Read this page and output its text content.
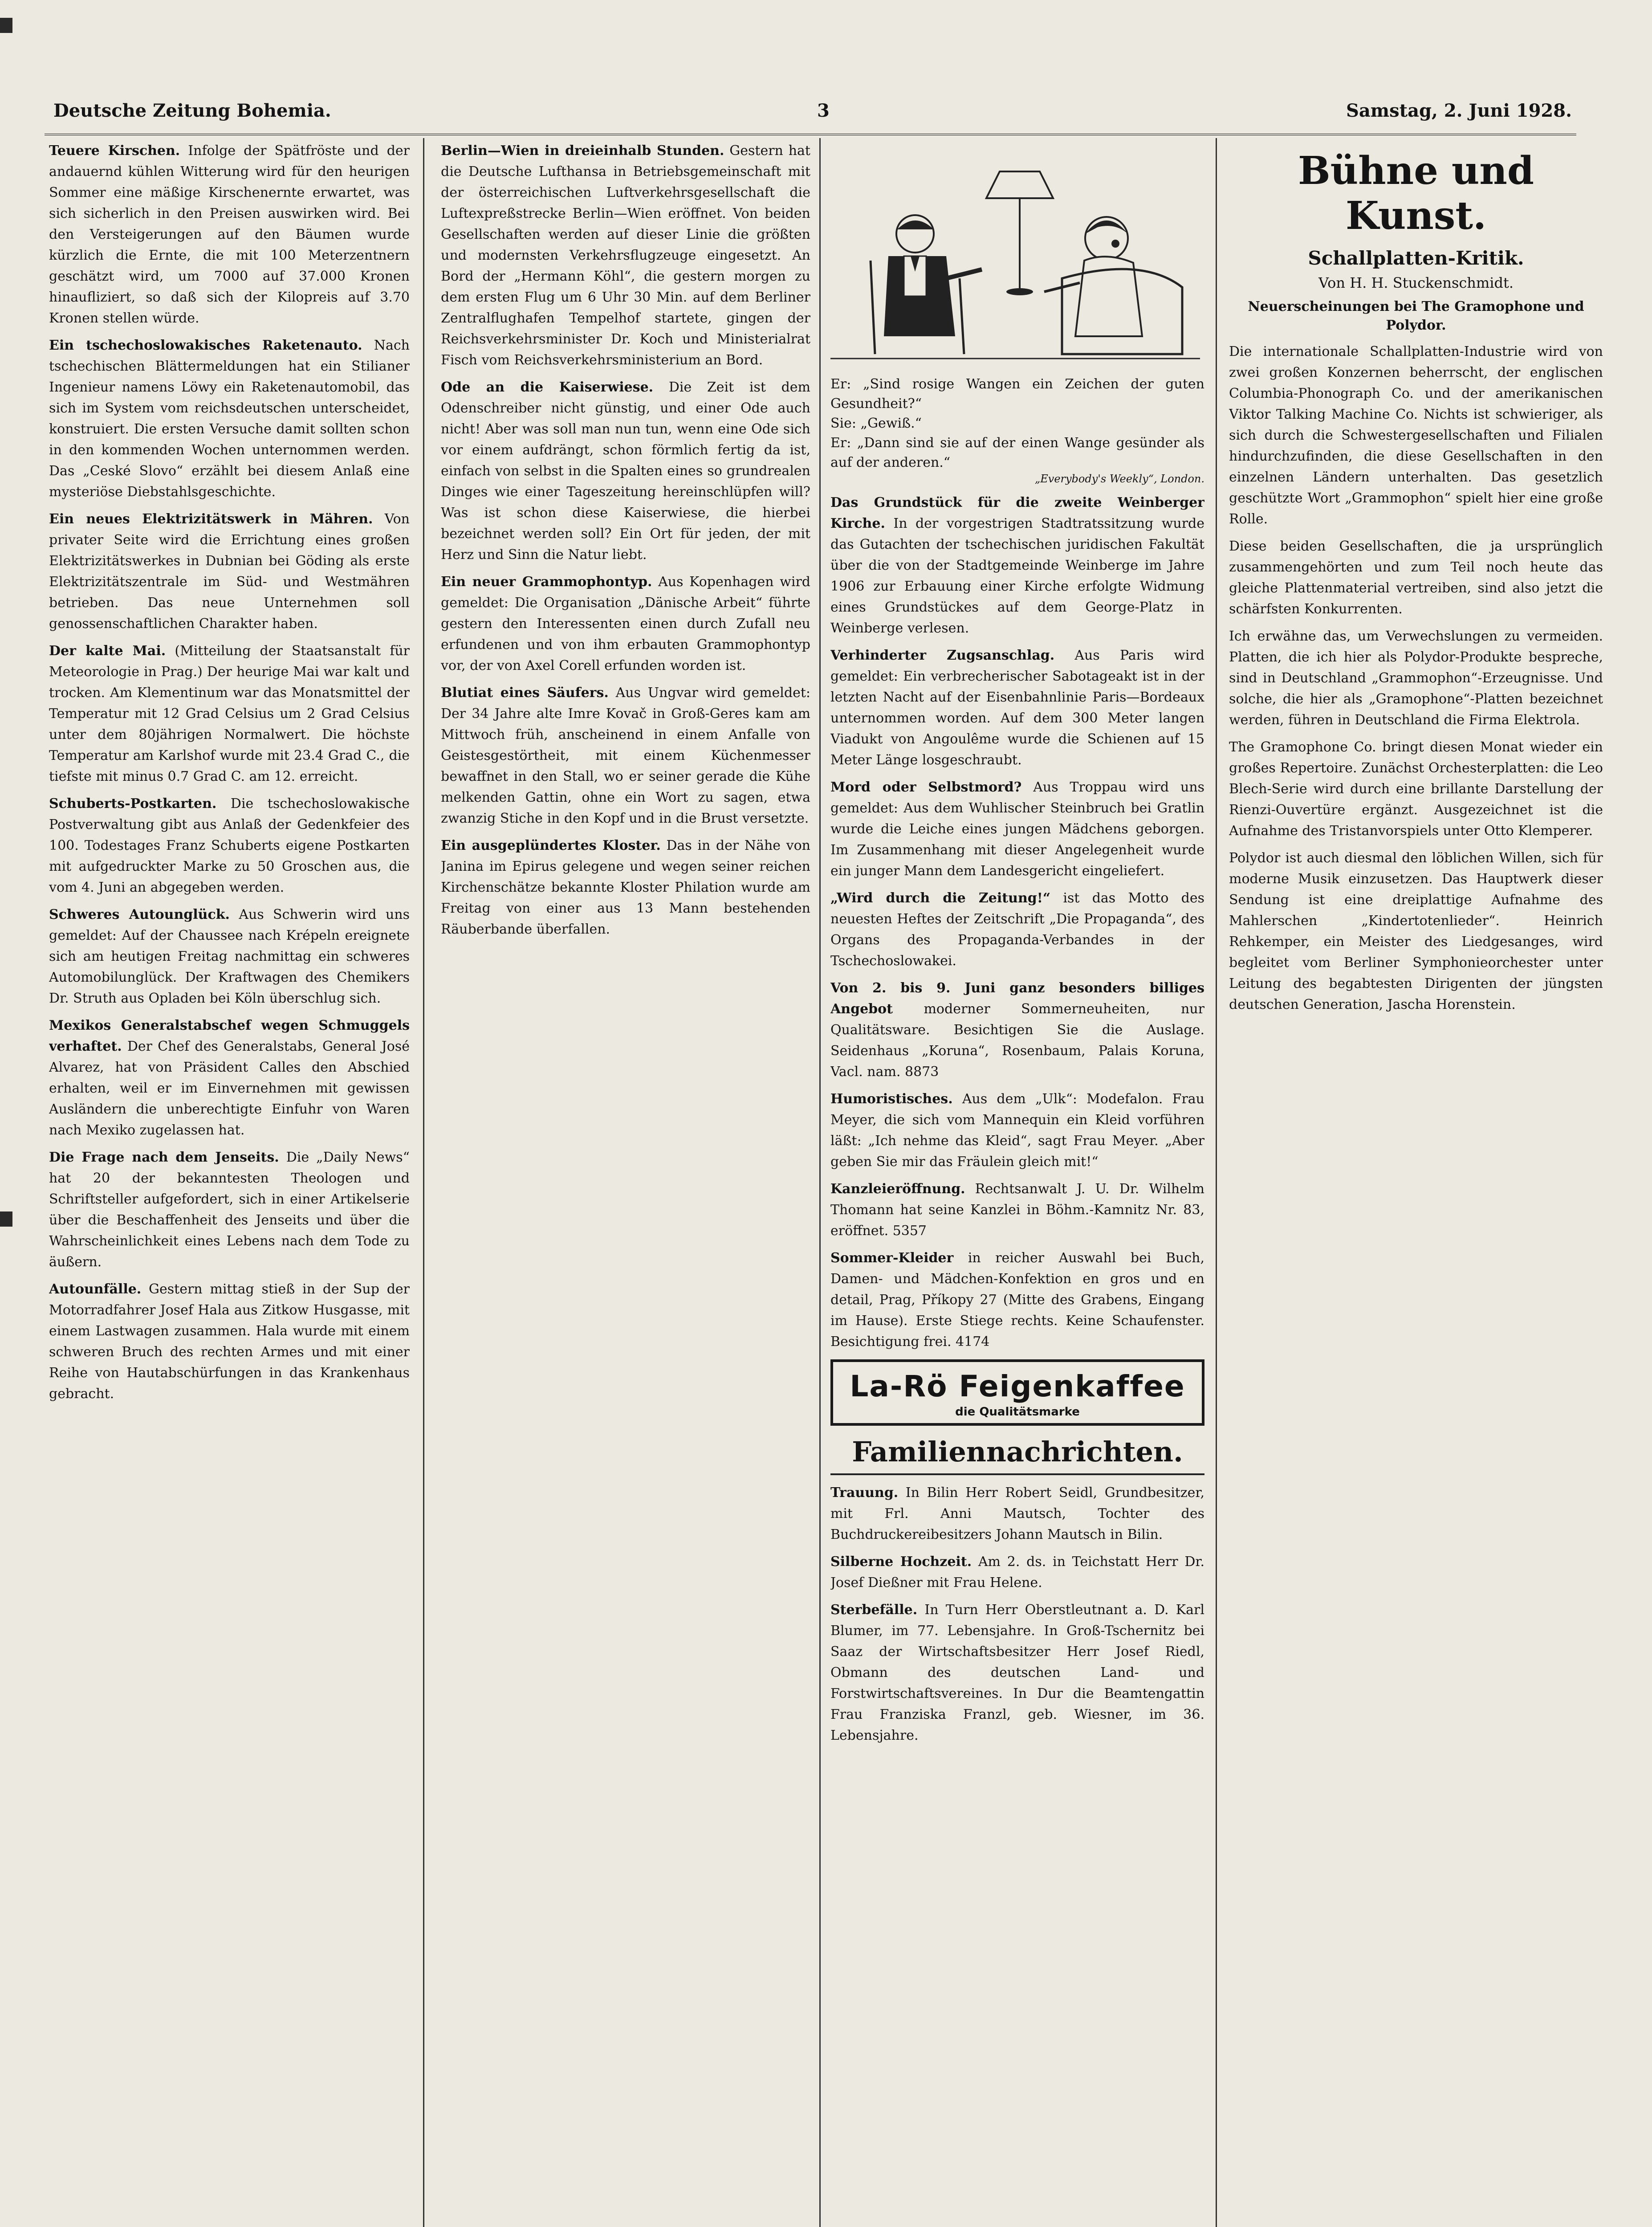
Deutsche Zeitung Bohemia.	3	Samstag, 2. Juni 1928.

Teuere Kirschen. Infolge der Spätfröste und der andauernd kühlen Witterung wird für den heurigen Sommer eine mäßige Kirschenernte erwartet, was sich sicherlich in den Preisen auswirken wird. Bei den Versteigerungen auf den Bäumen wurde kürzlich die Ernte, die mit 100 Meterzentnern geschätzt wird, um 7000 auf 37.000 Kronen hinaufliziert, so daß sich der Kilopreis auf 3.70 Kronen stellen würde.

Ein tschechoslowakisches Raketenauto. Nach tschechischen Blättermeldungen hat ein Stilianer Ingenieur namens Löwy ein Raketenautomobil, das sich im System vom reichsdeutschen unterscheidet, konstruiert. Die ersten Versuche damit sollten schon in den kommenden Wochen unternommen werden. Das „Ceské Slovo“ erzählt bei diesem Anlaß eine mysteriöse Diebstahlsgeschichte.

Ein neues Elektrizitätswerk in Mähren. Von privater Seite wird die Errichtung eines großen Elektrizitätswerkes in Dubnian bei Göding als erste Elektrizitätszentrale im Süd- und Westmähren betrieben. Das neue Unternehmen soll genossenschaftlichen Charakter haben.

Der kalte Mai. (Mitteilung der Staatsanstalt für Meteorologie in Prag.) Der heurige Mai war kalt und trocken. Am Klementinum war das Monatsmittel der Temperatur mit 12 Grad Celsius um 2 Grad Celsius unter dem 80jährigen Normalwert. Die höchste Temperatur am Karlshof wurde mit 23.4 Grad C., die tiefste mit minus 0.7 Grad C. am 12. erreicht.

Schuberts-Postkarten. Die tschechoslowakische Postverwaltung gibt aus Anlaß der Gedenkfeier des 100. Todestages Franz Schuberts eigene Postkarten mit aufgedruckter Marke zu 50 Groschen aus, die vom 4. Juni an abgegeben werden.

Schweres Autounglück. Aus Schwerin wird uns gemeldet: Auf der Chaussee nach Krépeln ereignete sich am heutigen Freitag nachmittag ein schweres Automobilunglück. Der Kraftwagen des Chemikers Dr. Struth aus Opladen bei Köln überschlug sich.

Mexikos Generalstabschef wegen Schmuggels verhaftet. Der Chef des Generalstabs, General José Alvarez, hat von Präsident Calles den Abschied erhalten, weil er im Einvernehmen mit gewissen Ausländern die unberechtigte Einfuhr von Waren nach Mexiko zugelassen hat.

Die Frage nach dem Jenseits. Die „Daily News“ hat 20 der bekanntesten Theologen und Schriftsteller aufgefordert, sich in einer Artikelserie über die Beschaffenheit des Jenseits und über die Wahrscheinlichkeit eines Lebens nach dem Tode zu äußern.

Autounfälle. Gestern mittag stieß in der Sup der Motorradfahrer Josef Hala aus Zitkow Husgasse, mit einem Lastwagen zusammen. Hala wurde mit einem schweren Bruch des rechten Armes und mit einer Reihe von Hautabschürfungen in das Krankenhaus gebracht.

Berlin—Wien in dreieinhalb Stunden. Gestern hat die Deutsche Lufthansa in Betriebsgemeinschaft mit der österreichischen Luftverkehrsgesellschaft die Luftexpreßstrecke Berlin—Wien eröffnet. Von beiden Gesellschaften werden auf dieser Linie die größten und modernsten Verkehrsflugzeuge eingesetzt. An Bord der „Hermann Köhl“, die gestern morgen zu dem ersten Flug um 6 Uhr 30 Min. auf dem Berliner Zentralflughafen Tempelhof startete, gingen der Reichsverkehrsminister Dr. Koch und Ministerialrat Fisch vom Reichsverkehrsministerium an Bord.

Ode an die Kaiserwiese. Die Zeit ist dem Odenschreiber nicht günstig, und einer Ode auch nicht! Aber was soll man nun tun, wenn eine Ode sich vor einem aufdrängt, schon förmlich fertig da ist, einfach von selbst in die Spalten eines so grundrealen Dinges wie einer Tageszeitung hereinschlüpfen will? Was ist schon diese Kaiserwiese, die hierbei bezeichnet werden soll? Ein Ort für jeden, der mit Herz und Sinn die Natur liebt.

Ein neuer Grammophontyp. Aus Kopenhagen wird gemeldet: Die Organisation „Dänische Arbeit“ führte gestern den Interessenten einen durch Zufall neu erfundenen und von ihm erbauten Grammophontyp vor, der von Axel Corell erfunden worden ist.

Blutiat eines Säufers. Aus Ungvar wird gemeldet: Der 34 Jahre alte Imre Kovač in Groß-Geres kam am Mittwoch früh, anscheinend in einem Anfalle von Geistesgestörtheit, mit einem Küchenmesser bewaffnet in den Stall, wo er seiner gerade die Kühe melkenden Gattin, ohne ein Wort zu sagen, etwa zwanzig Stiche in den Kopf und in die Brust versetzte.

Ein ausgeplündertes Kloster. Das in der Nähe von Janina im Epirus gelegene und wegen seiner reichen Kirchenschätze bekannte Kloster Philation wurde am Freitag von einer aus 13 Mann bestehenden Räuberbande überfallen.

Er: „Sind rosige Wangen ein Zeichen der guten Gesundheit?“
Sie: „Gewiß.“
Er: „Dann sind sie auf der einen Wange gesünder als auf der anderen.“
„Everybody's Weekly“, London.

Das Grundstück für die zweite Weinberger Kirche. In der vorgestrigen Stadtratssitzung wurde das Gutachten der tschechischen juridischen Fakultät über die von der Stadtgemeinde Weinberge im Jahre 1906 zur Erbauung einer Kirche erfolgte Widmung eines Grundstückes auf dem George-Platz in Weinberge verlesen.

Verhinderter Zugsanschlag. Aus Paris wird gemeldet: Ein verbrecherischer Sabotageakt ist in der letzten Nacht auf der Eisenbahnlinie Paris—Bordeaux unternommen worden. Auf dem 300 Meter langen Viadukt von Angoulême wurde die Schienen auf 15 Meter Länge losgeschraubt.

Mord oder Selbstmord? Aus Troppau wird uns gemeldet: Aus dem Wuhlischer Steinbruch bei Gratlin wurde die Leiche eines jungen Mädchens geborgen. Im Zusammenhang mit dieser Angelegenheit wurde ein junger Mann dem Landesgericht eingeliefert.

„Wird durch die Zeitung!“ ist das Motto des neuesten Heftes der Zeitschrift „Die Propaganda“, des Organs des Propaganda-Verbandes in der Tschechoslowakei.

Von 2. bis 9. Juni ganz besonders billiges Angebot moderner Sommerneuheiten, nur Qualitätsware. Besichtigen Sie die Auslage. Seidenhaus „Koruna“, Rosenbaum, Palais Koruna, Vacl. nam. 8873

Humoristisches. Aus dem „Ulk“: Modefalon. Frau Meyer, die sich vom Mannequin ein Kleid vorführen läßt: „Ich nehme das Kleid“, sagt Frau Meyer. „Aber geben Sie mir das Fräulein gleich mit!“

Kanzleieröffnung. Rechtsanwalt J. U. Dr. Wilhelm Thomann hat seine Kanzlei in Böhm.-Kamnitz Nr. 83, eröffnet. 5357

Sommer-Kleider in reicher Auswahl bei Buch, Damen- und Mädchen-Konfektion en gros und en detail, Prag, Příkopy 27 (Mitte des Grabens, Eingang im Hause). Erste Stiege rechts. Keine Schaufenster. Besichtigung frei. 4174

La-Rö Feigenkaffee
die Qualitätsmarke
Familiennachrichten.

Trauung. In Bilin Herr Robert Seidl, Grundbesitzer, mit Frl. Anni Mautsch, Tochter des Buchdruckereibesitzers Johann Mautsch in Bilin.

Silberne Hochzeit. Am 2. ds. in Teichstatt Herr Dr. Josef Dießner mit Frau Helene.

Sterbefälle. In Turn Herr Oberstleutnant a. D. Karl Blumer, im 77. Lebensjahre. In Groß-Tschernitz bei Saaz der Wirtschaftsbesitzer Herr Josef Riedl, Obmann des deutschen Land- und Forstwirtschaftsvereines. In Dur die Beamtengattin Frau Franziska Franzl, geb. Wiesner, im 36. Lebensjahre.

Bühne und Kunst.
Schallplatten-Kritik.
Von H. H. Stuckenschmidt.
Neuerscheinungen bei The Gramophone und Polydor.

Die internationale Schallplatten-Industrie wird von zwei großen Konzernen beherrscht, der englischen Columbia-Phonograph Co. und der amerikanischen Viktor Talking Machine Co. Nichts ist schwieriger, als sich durch die Schwestergesellschaften und Filialen hindurchzufinden, die diese Gesellschaften in den einzelnen Ländern unterhalten. Das gesetzlich geschützte Wort „Grammophon“ spielt hier eine große Rolle.

Diese beiden Gesellschaften, die ja ursprünglich zusammengehörten und zum Teil noch heute das gleiche Plattenmaterial vertreiben, sind also jetzt die schärfsten Konkurrenten.

Ich erwähne das, um Verwechslungen zu vermeiden. Platten, die ich hier als Polydor-Produkte bespreche, sind in Deutschland „Grammophon“-Erzeugnisse. Und solche, die hier als „Gramophone“-Platten bezeichnet werden, führen in Deutschland die Firma Elektrola.

The Gramophone Co. bringt diesen Monat wieder ein großes Repertoire. Zunächst Orchesterplatten: die Leo Blech-Serie wird durch eine brillante Darstellung der Rienzi-Ouvertüre ergänzt. Ausgezeichnet ist die Aufnahme des Tristanvorspiels unter Otto Klemperer.

Polydor ist auch diesmal den löblichen Willen, sich für moderne Musik einzusetzen. Das Hauptwerk dieser Sendung ist eine dreiplattige Aufnahme des Mahlerschen „Kindertotenlieder“. Heinrich Rehkemper, ein Meister des Liedgesanges, wird begleitet vom Berliner Symphonieorchester unter Leitung des begabtesten Dirigenten der jüngsten deutschen Generation, Jascha Horenstein.
